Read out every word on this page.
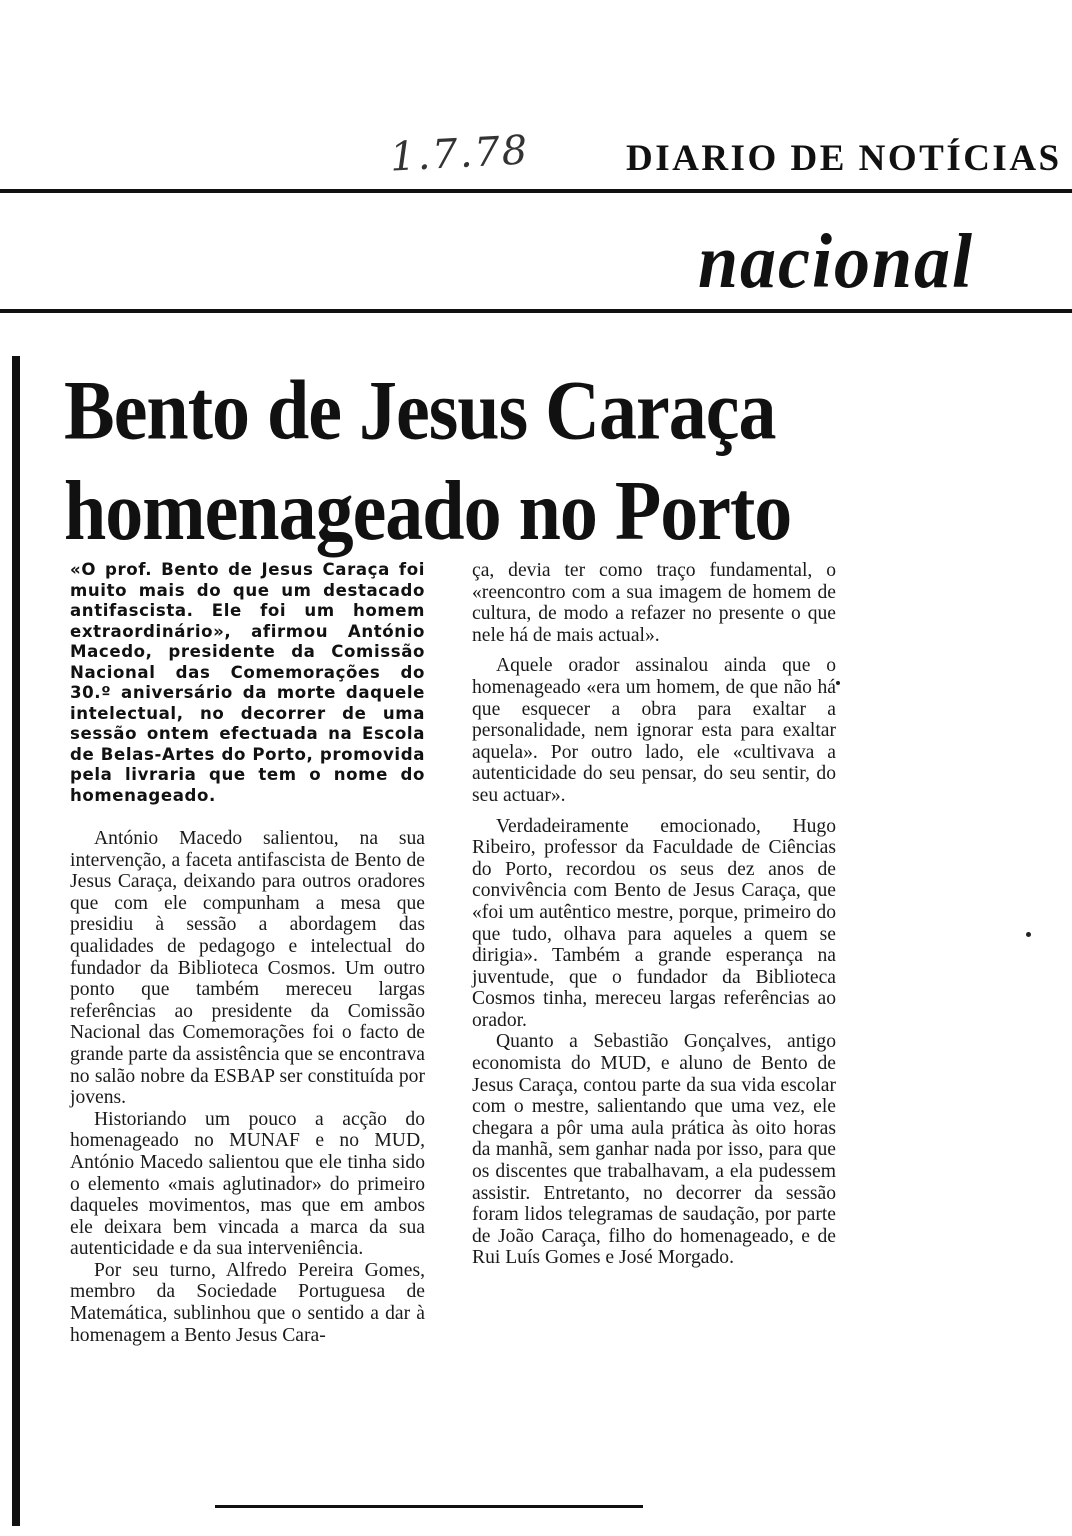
1.7.78	DIARIO DE NOTÍCIAS
nacional
Bento de Jesus Caraça homenageado no Porto

«O prof. Bento de Jesus Caraça foi muito mais do que um destacado antifascista. Ele foi um homem extraordinário», afirmou António Macedo, presidente da Comissão Nacional das Comemorações do 30.º aniversário da morte daquele intelectual, no decorrer de uma sessão ontem efectuada na Escola de Belas-Artes do Porto, promovida pela livraria que tem o nome do homenageado.

António Macedo salientou, na sua intervenção, a faceta antifascista de Bento de Jesus Caraça, deixando para outros oradores que com ele compunham a mesa que presidiu à sessão a abordagem das qualidades de pedagogo e intelectual do fundador da Biblioteca Cosmos. Um outro ponto que também mereceu largas referências ao presidente da Comissão Nacional das Comemorações foi o facto de grande parte da assistência que se encontrava no salão nobre da ESBAP ser constituída por jovens.

Historiando um pouco a acção do homenageado no MUNAF e no MUD, António Macedo salientou que ele tinha sido o elemento «mais aglutinador» do primeiro daqueles movimentos, mas que em ambos ele deixara bem vincada a marca da sua autenticidade e da sua interveniência.

Por seu turno, Alfredo Pereira Gomes, membro da Sociedade Portuguesa de Matemática, sublinhou que o sentido a dar à homenagem a Bento Jesus Cara-

ça, devia ter como traço fundamental, o «reencontro com a sua imagem de homem de cultura, de modo a refazer no presente o que nele há de mais actual».

Aquele orador assinalou ainda que o homenageado «era um homem, de que não há que esquecer a obra para exaltar a personalidade, nem ignorar esta para exaltar aquela». Por outro lado, ele «cultivava a autenticidade do seu pensar, do seu sentir, do seu actuar».

Verdadeiramente emocionado, Hugo Ribeiro, professor da Faculdade de Ciências do Porto, recordou os seus dez anos de convivência com Bento de Jesus Caraça, que «foi um autêntico mestre, porque, primeiro do que tudo, olhava para aqueles a quem se dirigia». Também a grande esperança na juventude, que o fundador da Biblioteca Cosmos tinha, mereceu largas referências ao orador.

Quanto a Sebastião Gonçalves, antigo economista do MUD, e aluno de Bento de Jesus Caraça, contou parte da sua vida escolar com o mestre, salientando que uma vez, ele chegara a pôr uma aula prática às oito horas da manhã, sem ganhar nada por isso, para que os discentes que trabalhavam, a ela pudessem assistir. Entretanto, no decorrer da sessão foram lidos telegramas de saudação, por parte de João Caraça, filho do homenageado, e de Rui Luís Gomes e José Morgado.
